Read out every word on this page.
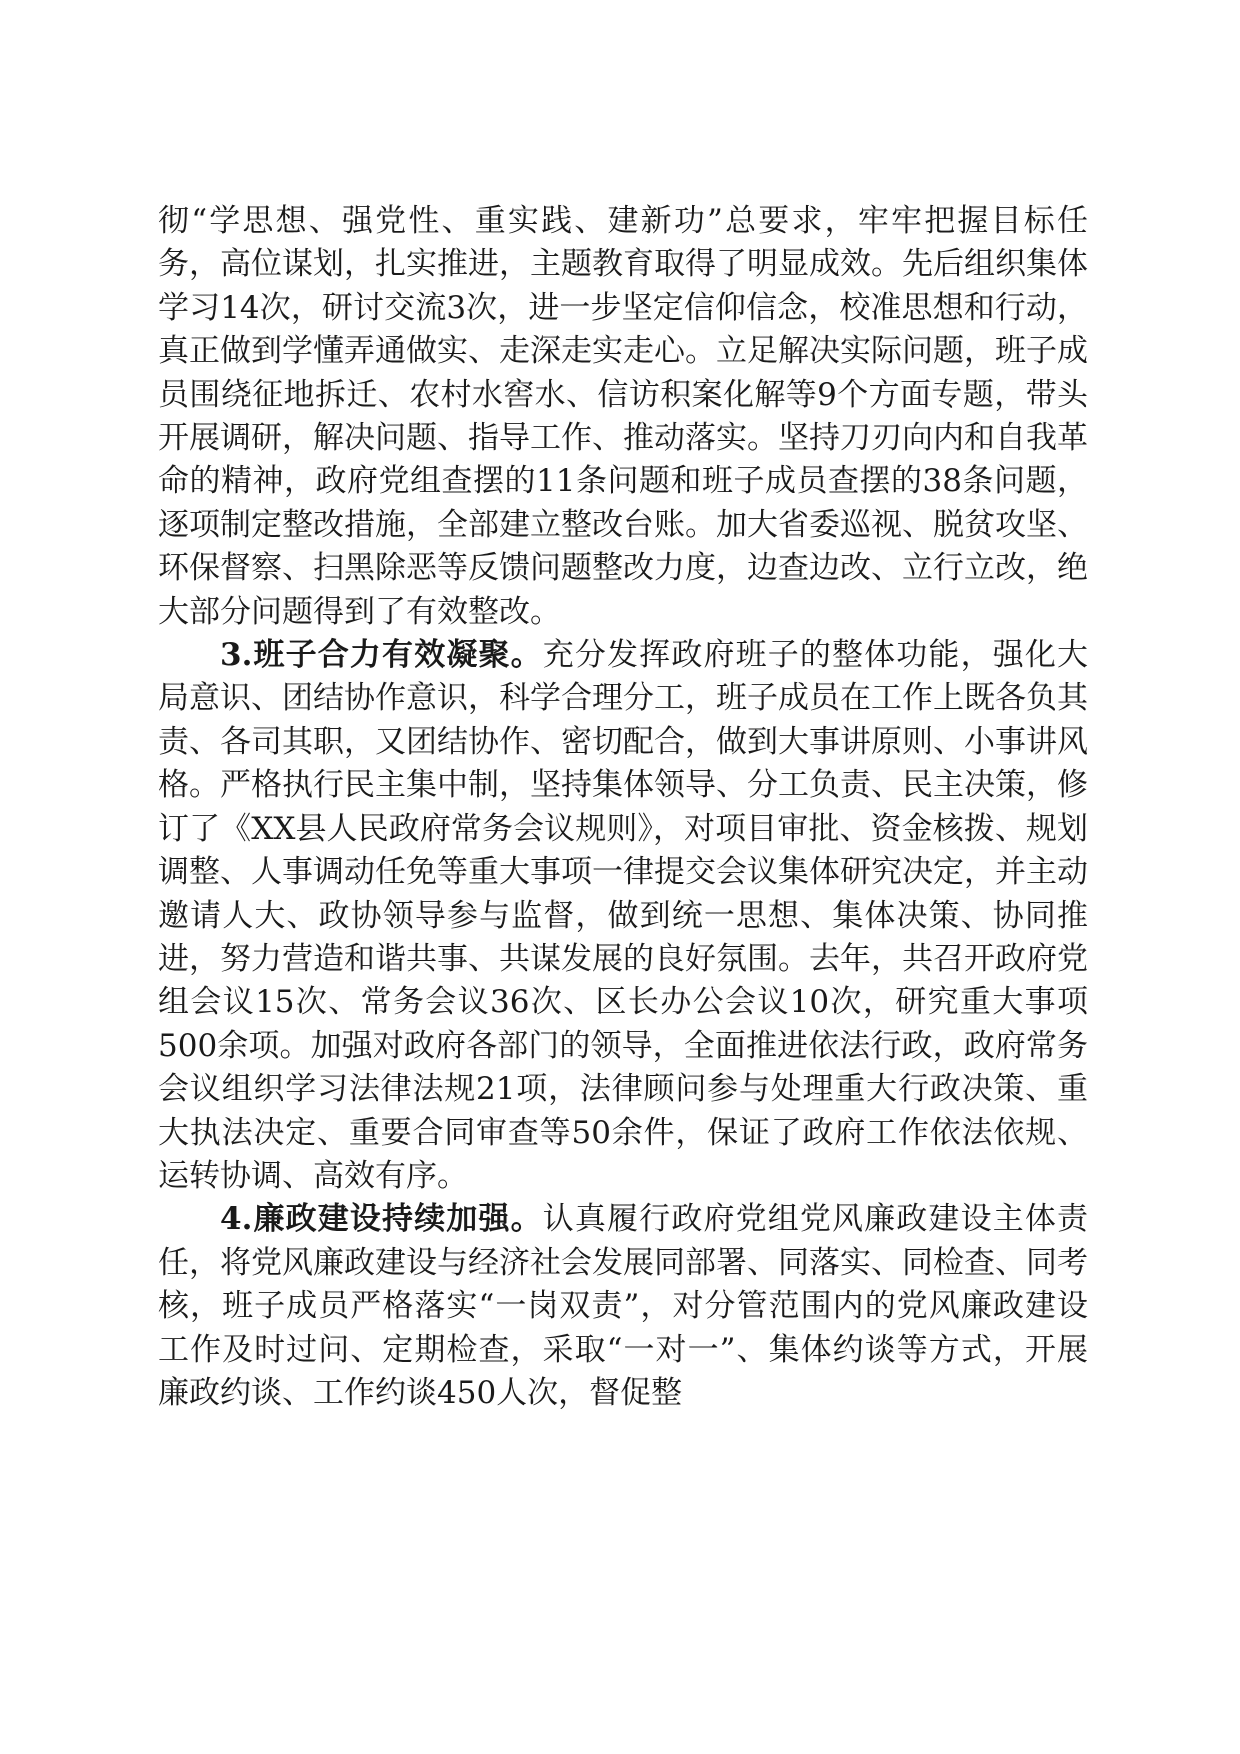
彻“学思想、强党性、重实践、建新功”总要求，牢牢把握目标任务，高位谋划，扎实推进，主题教育取得了明显成效。先后组织集体学习14次，研讨交流3次，进一步坚定信仰信念，校准思想和行动，真正做到学懂弄通做实、走深走实走心。立足解决实际问题，班子成员围绕征地拆迁、农村水窖水、信访积案化解等9个方面专题，带头开展调研，解决问题、指导工作、推动落实。坚持刀刃向内和自我革命的精神，政府党组查摆的11条问题和班子成员查摆的38条问题，逐项制定整改措施，全部建立整改台账。加大省委巡视、脱贫攻坚、环保督察、扫黑除恶等反馈问题整改力度，边查边改、立行立改，绝大部分问题得到了有效整改。

3.班子合力有效凝聚。充分发挥政府班子的整体功能，强化大局意识、团结协作意识，科学合理分工，班子成员在工作上既各负其责、各司其职，又团结协作、密切配合，做到大事讲原则、小事讲风格。严格执行民主集中制，坚持集体领导、分工负责、民主决策，修订了《XX县人民政府常务会议规则》，对项目审批、资金核拨、规划调整、人事调动任免等重大事项一律提交会议集体研究决定，并主动邀请人大、政协领导参与监督，做到统一思想、集体决策、协同推进，努力营造和谐共事、共谋发展的良好氛围。去年，共召开政府党组会议15次、常务会议36次、区长办公会议10次，研究重大事项500余项。加强对政府各部门的领导，全面推进依法行政，政府常务会议组织学习法律法规21项，法律顾问参与处理重大行政决策、重大执法决定、重要合同审查等50余件，保证了政府工作依法依规、运转协调、高效有序。

4.廉政建设持续加强。认真履行政府党组党风廉政建设主体责任，将党风廉政建设与经济社会发展同部署、同落实、同检查、同考核，班子成员严格落实“一岗双责”，对分管范围内的党风廉政建设工作及时过问、定期检查，采取“一对一”、集体约谈等方式，开展廉政约谈、工作约谈450人次，督促整
